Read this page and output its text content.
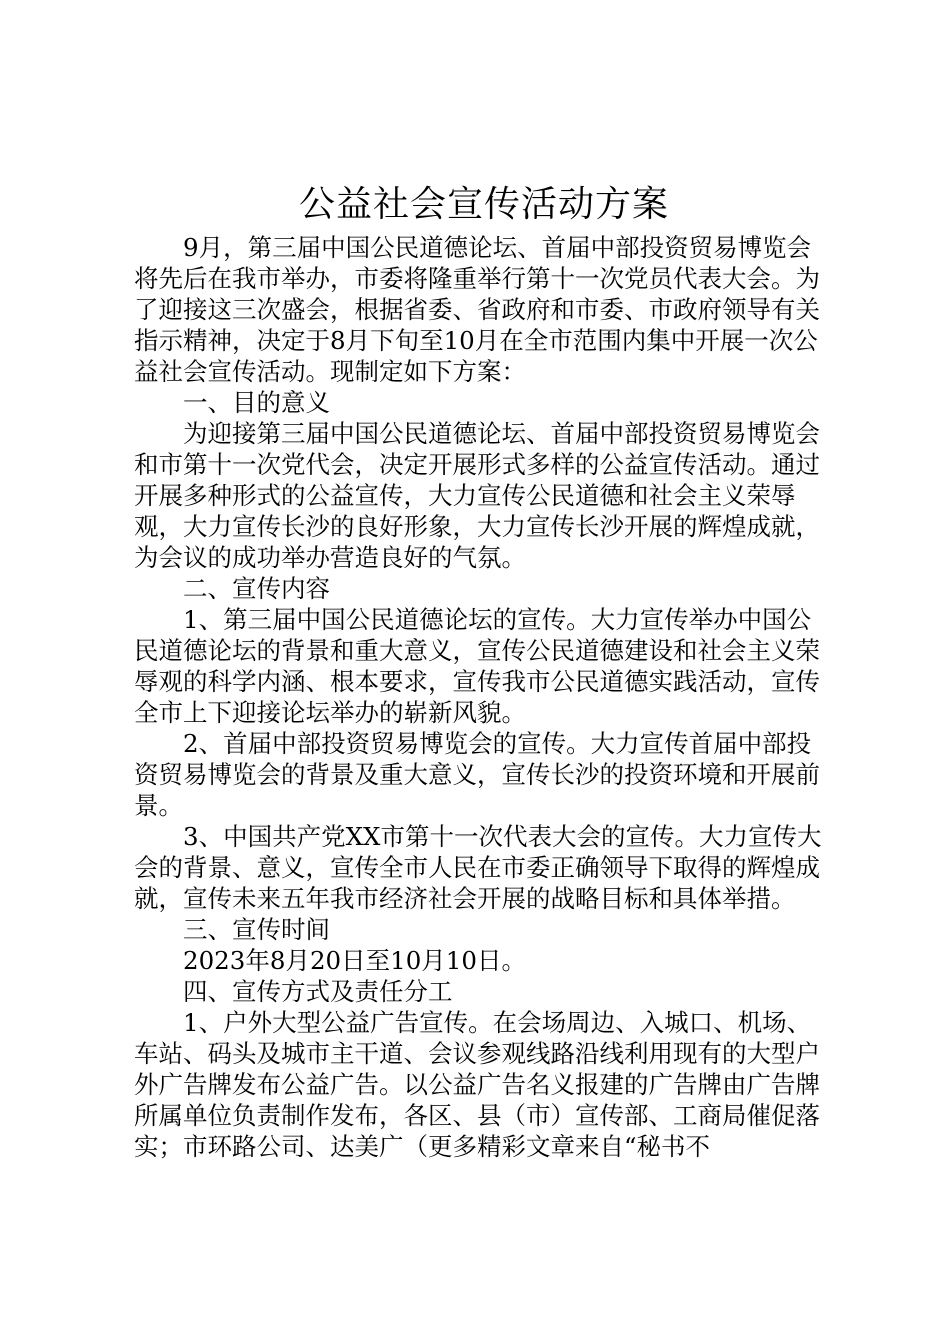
公益社会宣传活动方案

9月，第三届中国公民道德论坛、首届中部投资贸易博览会将先后在我市举办，市委将隆重举行第十一次党员代表大会。为了迎接这三次盛会，根据省委、省政府和市委、市政府领导有关指示精神，决定于8月下旬至10月在全市范围内集中开展一次公益社会宣传活动。现制定如下方案：

一、目的意义

为迎接第三届中国公民道德论坛、首届中部投资贸易博览会和市第十一次党代会，决定开展形式多样的公益宣传活动。通过开展多种形式的公益宣传，大力宣传公民道德和社会主义荣辱观，大力宣传长沙的良好形象，大力宣传长沙开展的辉煌成就，为会议的成功举办营造良好的气氛。

二、宣传内容

1、第三届中国公民道德论坛的宣传。大力宣传举办中国公民道德论坛的背景和重大意义，宣传公民道德建设和社会主义荣辱观的科学内涵、根本要求，宣传我市公民道德实践活动，宣传全市上下迎接论坛举办的崭新风貌。

2、首届中部投资贸易博览会的宣传。大力宣传首届中部投资贸易博览会的背景及重大意义，宣传长沙的投资环境和开展前景。

3、中国共产党XX市第十一次代表大会的宣传。大力宣传大会的背景、意义，宣传全市人民在市委正确领导下取得的辉煌成就，宣传未来五年我市经济社会开展的战略目标和具体举措。

三、宣传时间

2023年8月20日至10月10日。

四、宣传方式及责任分工

1、户外大型公益广告宣传。在会场周边、入城口、机场、车站、码头及城市主干道、会议参观线路沿线利用现有的大型户外广告牌发布公益广告。以公益广告名义报建的广告牌由广告牌所属单位负责制作发布，各区、县（市）宣传部、工商局催促落实；市环路公司、达美广（更多精彩文章来自“秘书不
